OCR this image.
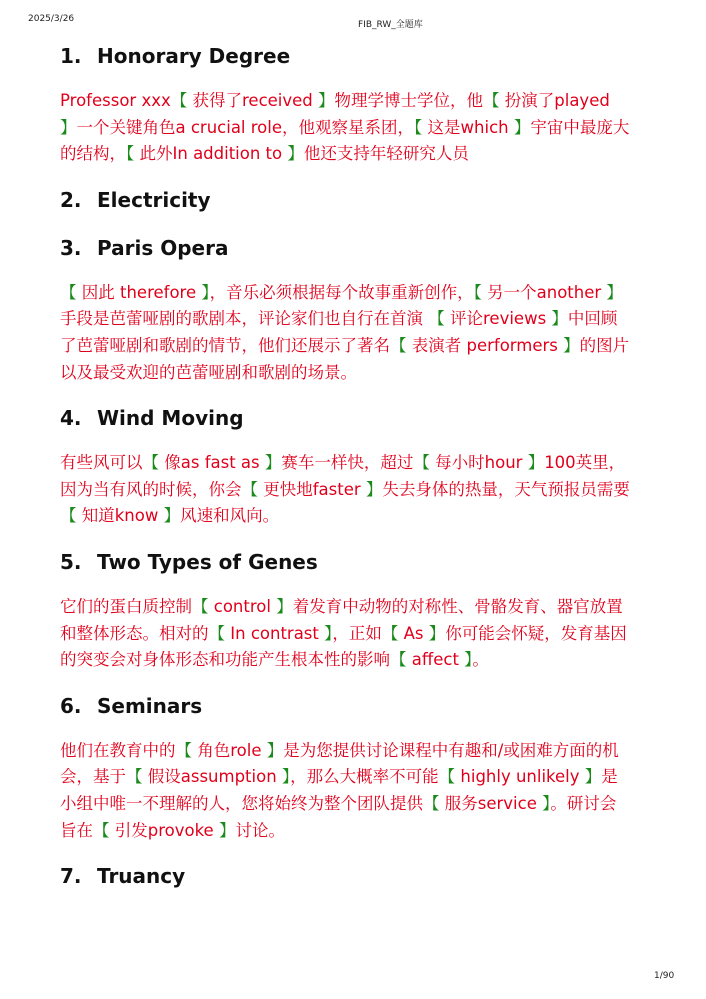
2025/3/26
FIB_RW_全题库
1. Honorary Degree

Professor xxx【 获得了received 】物理学博士学位，他【 扮演了played 】一个关键角色a crucial role，他观察星系团，【 这是which 】宇宙中最庞大的结构，【 此外In addition to 】他还支持年轻研究人员

2. Electricity
3. Paris Opera

【 因此 therefore 】，音乐必须根据每个故事重新创作，【 另一个another 】手段是芭蕾哑剧的歌剧本，评论家们也自行在首演 【 评论reviews 】中回顾了芭蕾哑剧和歌剧的情节，他们还展示了著名【 表演者 performers 】的图片以及最受欢迎的芭蕾哑剧和歌剧的场景。

4. Wind Moving

有些风可以【 像as fast as 】赛车一样快，超过【 每小时hour 】100英里，因为当有风的时候，你会【 更快地faster 】失去身体的热量，天气预报员需要【 知道know 】风速和风向。

5. Two Types of Genes

它们的蛋白质控制【 control 】着发育中动物的对称性、骨骼发育、器官放置和整体形态。相对的【 In contrast 】，正如【 As 】你可能会怀疑，发育基因的突变会对身体形态和功能产生根本性的影响【 affect 】。

6. Seminars

他们在教育中的【 角色role 】是为您提供讨论课程中有趣和/或困难方面的机会，基于【 假设assumption 】，那么大概率不可能【 highly unlikely 】是小组中唯一不理解的人，您将始终为整个团队提供【 服务service 】。研讨会旨在【 引发provoke 】讨论。

7. Truancy
1/90
